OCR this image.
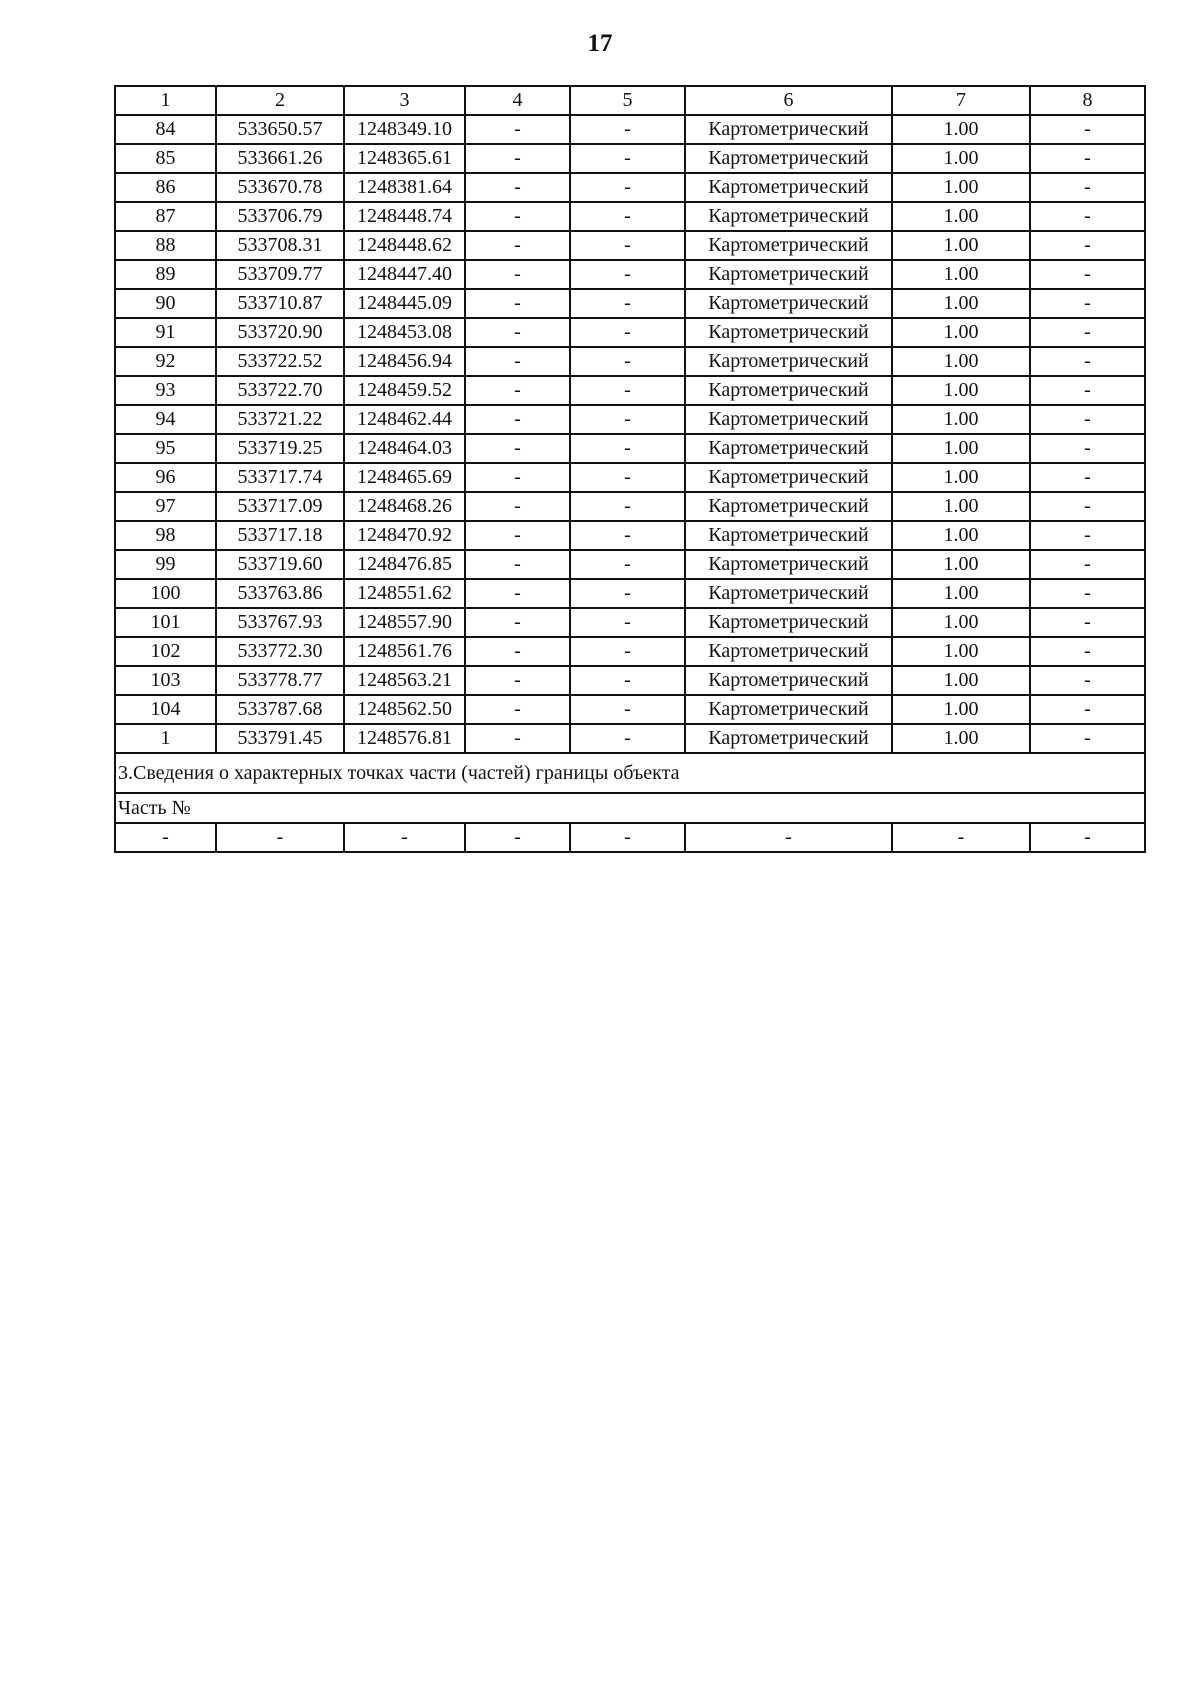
17
1	2	3	4	5	6	7	8
84	533650.57	1248349.10	-	-	Картометрический	1.00	-
85	533661.26	1248365.61	-	-	Картометрический	1.00	-
86	533670.78	1248381.64	-	-	Картометрический	1.00	-
87	533706.79	1248448.74	-	-	Картометрический	1.00	-
88	533708.31	1248448.62	-	-	Картометрический	1.00	-
89	533709.77	1248447.40	-	-	Картометрический	1.00	-
90	533710.87	1248445.09	-	-	Картометрический	1.00	-
91	533720.90	1248453.08	-	-	Картометрический	1.00	-
92	533722.52	1248456.94	-	-	Картометрический	1.00	-
93	533722.70	1248459.52	-	-	Картометрический	1.00	-
94	533721.22	1248462.44	-	-	Картометрический	1.00	-
95	533719.25	1248464.03	-	-	Картометрический	1.00	-
96	533717.74	1248465.69	-	-	Картометрический	1.00	-
97	533717.09	1248468.26	-	-	Картометрический	1.00	-
98	533717.18	1248470.92	-	-	Картометрический	1.00	-
99	533719.60	1248476.85	-	-	Картометрический	1.00	-
100	533763.86	1248551.62	-	-	Картометрический	1.00	-
101	533767.93	1248557.90	-	-	Картометрический	1.00	-
102	533772.30	1248561.76	-	-	Картометрический	1.00	-
103	533778.77	1248563.21	-	-	Картометрический	1.00	-
104	533787.68	1248562.50	-	-	Картометрический	1.00	-
1	533791.45	1248576.81	-	-	Картометрический	1.00	-
3.Сведения о характерных точках части (частей) границы объекта							
Часть №							
-	-	-	-	-	-	-	-
